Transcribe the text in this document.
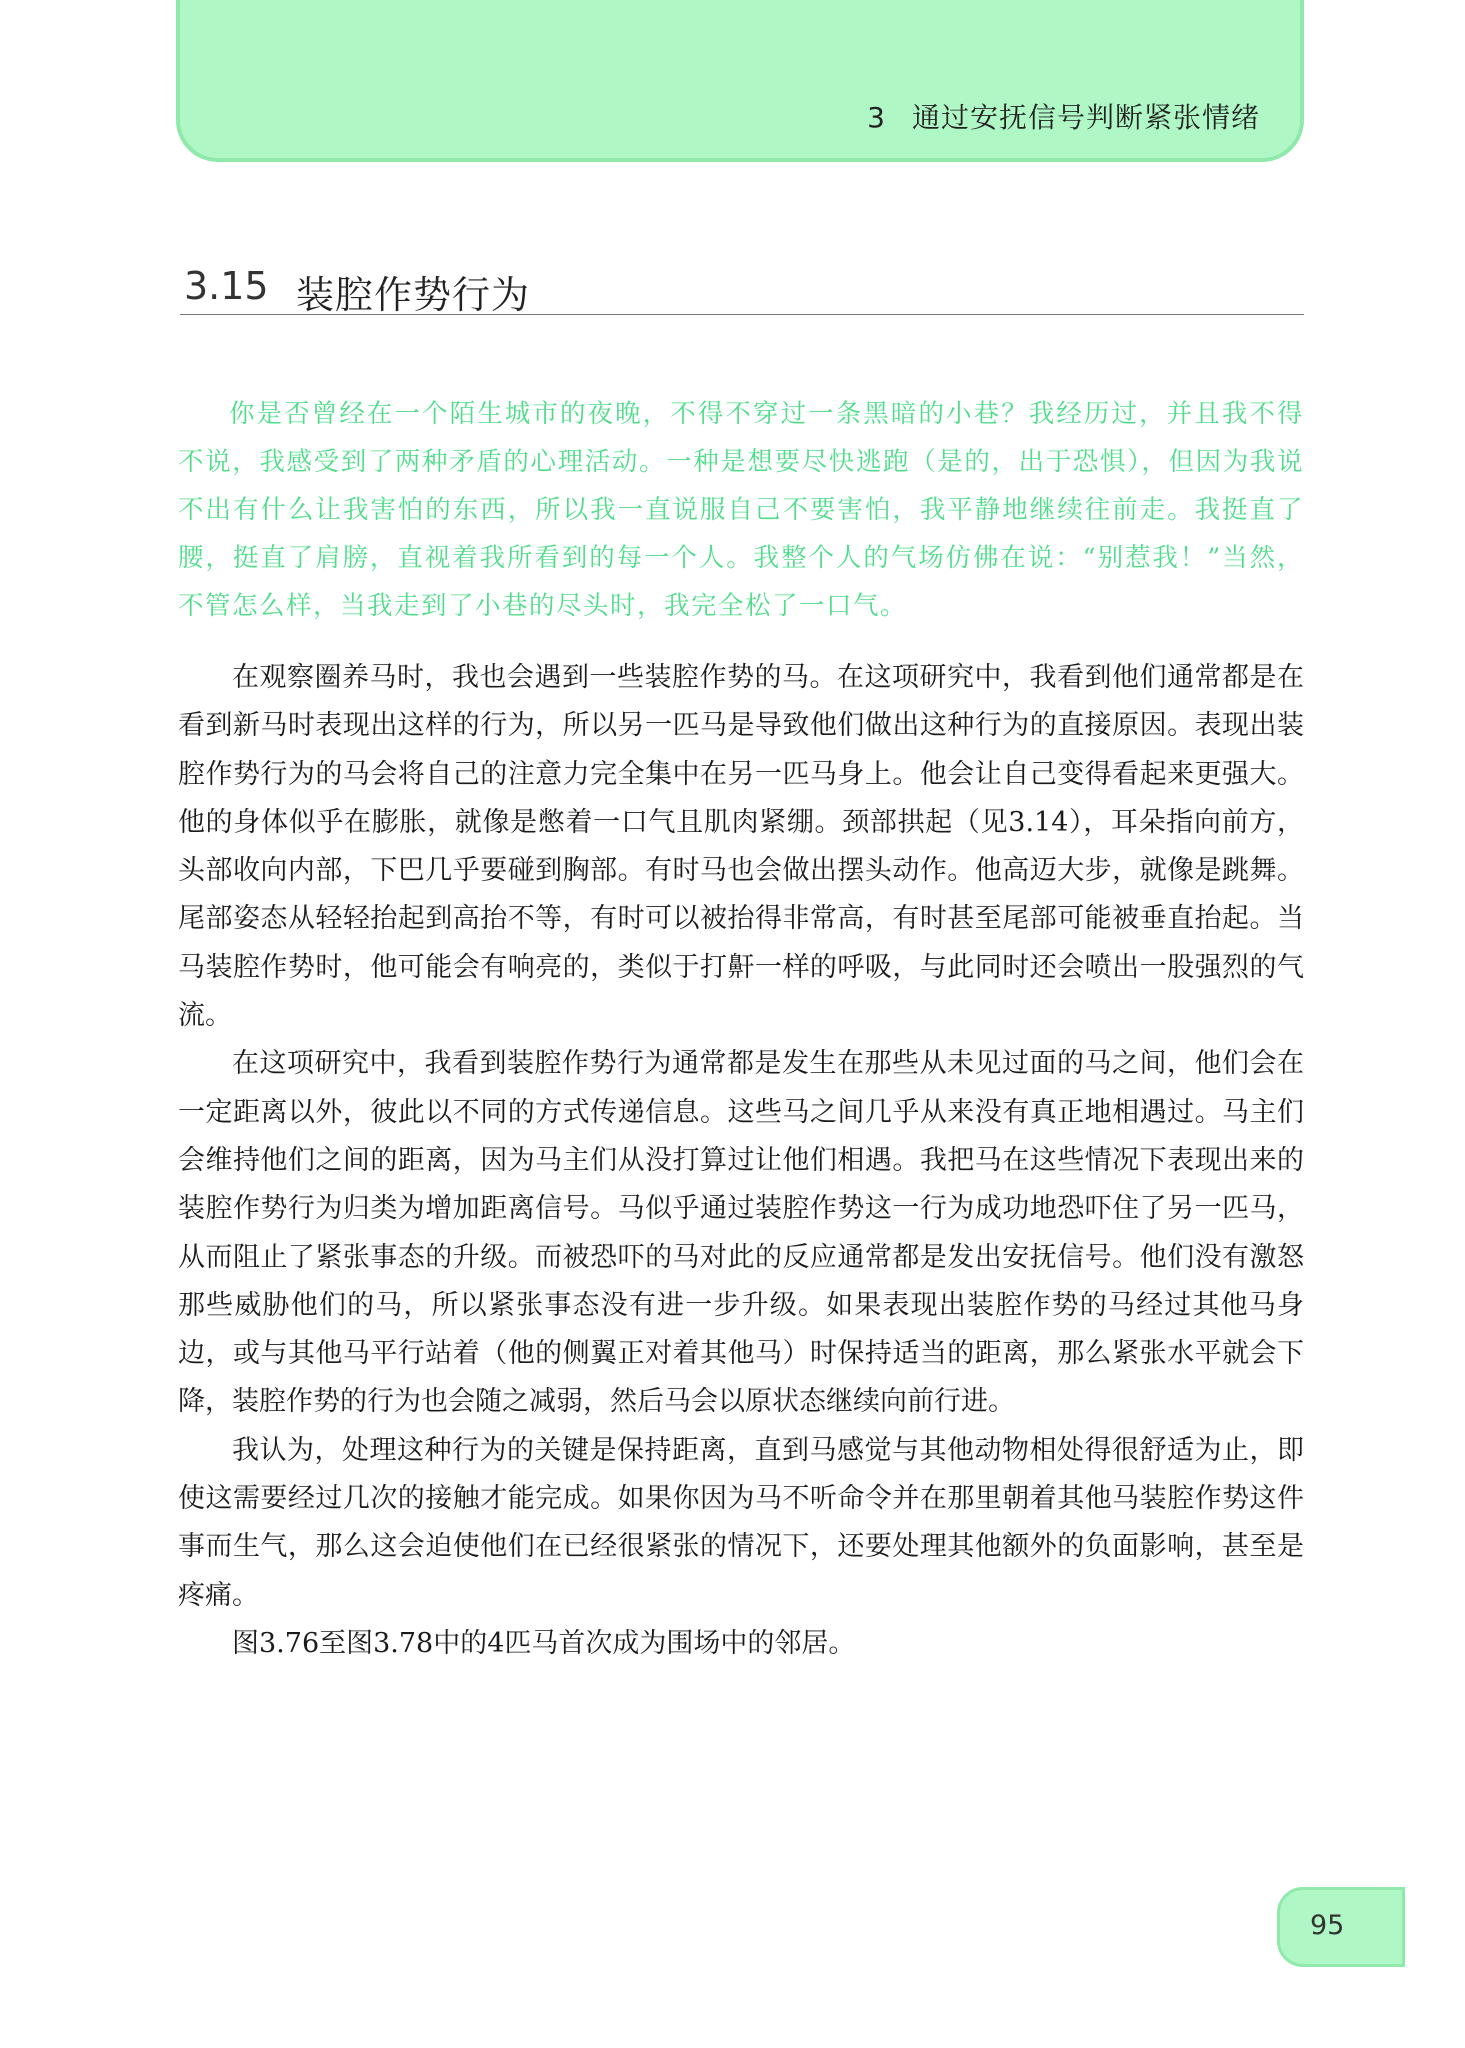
3 通过安抚信号判断紧张情绪
3.15 装腔作势行为

你是否曾经在一个陌生城市的夜晚，不得不穿过一条黑暗的小巷？我经历过，并且我不得不说，我感受到了两种矛盾的心理活动。一种是想要尽快逃跑（是的，出于恐惧），但因为我说不出有什么让我害怕的东西，所以我一直说服自己不要害怕，我平静地继续往前走。我挺直了腰，挺直了肩膀，直视着我所看到的每一个人。我整个人的气场仿佛在说：“别惹我！”当然，不管怎么样，当我走到了小巷的尽头时，我完全松了一口气。

在观察圈养马时，我也会遇到一些装腔作势的马。在这项研究中，我看到他们通常都是在看到新马时表现出这样的行为，所以另一匹马是导致他们做出这种行为的直接原因。表现出装腔作势行为的马会将自己的注意力完全集中在另一匹马身上。他会让自己变得看起来更强大。他的身体似乎在膨胀，就像是憋着一口气且肌肉紧绷。颈部拱起（见3.14），耳朵指向前方，头部收向内部，下巴几乎要碰到胸部。有时马也会做出摆头动作。他高迈大步，就像是跳舞。尾部姿态从轻轻抬起到高抬不等，有时可以被抬得非常高，有时甚至尾部可能被垂直抬起。当马装腔作势时，他可能会有响亮的，类似于打鼾一样的呼吸，与此同时还会喷出一股强烈的气流。

在这项研究中，我看到装腔作势行为通常都是发生在那些从未见过面的马之间，他们会在一定距离以外，彼此以不同的方式传递信息。这些马之间几乎从来没有真正地相遇过。马主们会维持他们之间的距离，因为马主们从没打算过让他们相遇。我把马在这些情况下表现出来的装腔作势行为归类为增加距离信号。马似乎通过装腔作势这一行为成功地恐吓住了另一匹马，从而阻止了紧张事态的升级。而被恐吓的马对此的反应通常都是发出安抚信号。他们没有激怒那些威胁他们的马，所以紧张事态没有进一步升级。如果表现出装腔作势的马经过其他马身边，或与其他马平行站着（他的侧翼正对着其他马）时保持适当的距离，那么紧张水平就会下降，装腔作势的行为也会随之减弱，然后马会以原状态继续向前行进。

我认为，处理这种行为的关键是保持距离，直到马感觉与其他动物相处得很舒适为止，即使这需要经过几次的接触才能完成。如果你因为马不听命令并在那里朝着其他马装腔作势这件事而生气，那么这会迫使他们在已经很紧张的情况下，还要处理其他额外的负面影响，甚至是疼痛。

图3.76至图3.78中的4匹马首次成为围场中的邻居。

95
